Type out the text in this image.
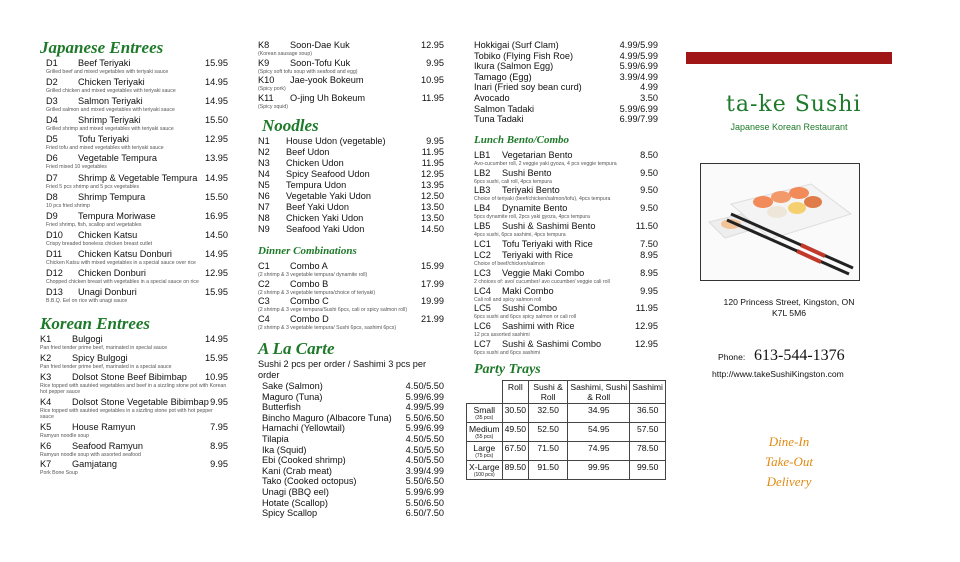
Japanese Entrees
D1	Beef Teriyaki	15.95
Grilled beef and mixed vegetables with teriyaki sauce
D2	Chicken Teriyaki	14.95
Grilled chicken and mixed vegetables with teriyaki sauce
D3	Salmon Teriyaki	14.95
Grilled salmon and mixed vegetables with teriyaki sauce
D4	Shrimp Teriyaki	15.50
Grilled shrimp and mixed vegetables with teriyaki sauce
D5	Tofu Teriyaki	12.95
Fried tofu and mixed vegetables with teriyaki sauce
D6	Vegetable Tempura	13.95
Fried mixed 10 vegetables
D7	Shrimp & Vegetable Tempura 14.95
Fried 5 pcs shrimp and 5 pcs vegetables
D8	Shrimp Tempura	15.50
10 pcs fried shrimp
D9	Tempura Moriwase	16.95
Fried shrimp, fish, scallop and vegetables
D10	Chicken Katsu	14.50
Crispy breaded boneless chicken breast cutlet
D11	Chicken Katsu Donburi	14.95
Chicken Katsu with mixed vegetables in a special sauce over rice
D12	Chicken Donburi	12.95
Chopped chicken breast with vegetables in a special sauce on rice
D13	Unagi Donburi	15.95
B.B.Q. Eel on rice with unagi sauce
Korean Entrees
K1	Bulgogi	14.95
Pan fried tender prime beef, marinated in special sauce
K2	Spicy Bulgogi	15.95
Pan fried tender prime beef, marinated in a special sauce
K3	Dolsot Stone Beef Bibimbap	10.95
Rice topped with sautéed vegetables and beef in a sizzling stone pot with Korean hot pepper sauce
K4	Dolsot Stone Vegetable Bibimbap 9.95
Rice topped with sautéed vegetables in a sizzling stone pot with hot pepper sauce
K5	House Ramyun	7.95
Ramyun noodle soup
K6	Seafood Ramyun	8.95
Ramyun noodle soup with assorted seafood
K7	Gamjatang	9.95
Pork Bone Soup
K8	Soon-Dae Kuk	12.95
(Korean sausage soup)
K9	Soon-Tofu Kuk	9.95
(Spicy soft tofu soup with seafood and egg)
K10	Jae-yook Bokeum	10.95
(Spicy pork)
K11	O-jing Uh Bokeum	11.95
(Spicy squid)
Noodles
N1	House Udon (vegetable)	9.95
N2	Beef Udon	11.95
N3	Chicken Udon	11.95
N4	Spicy Seafood Udon	12.95
N5	Tempura Udon	13.95
N6	Vegetable Yaki Udon	12.50
N7	Beef Yaki Udon	13.50
N8	Chicken Yaki Udon	13.50
N9	Seafood Yaki Udon	14.50
Dinner Combinations
C1	Combo A	15.99
(2 shrimp & 3 vegetable tempura/ dynamite roll)
C2	Combo B	17.99
(2 shrimp & 3 vegetable tempura/choice of teriyaki)
C3	Combo C	19.99
(2 shrimp & 3 vege tempura/Sushi 6pcs, cali or spicy salmon roll)
C4	Combo D	21.99
(2 shrimp & 3 vegetable tempura/ Sushi 6pcs, sashimi 6pcs)
A La Carte
Sushi 2 pcs per order / Sashimi 3 pcs per order
Sake (Salmon)	4.50/5.50
Maguro (Tuna)	5.99/6.99
Butterfish	4.99/5.99
Bincho Maguro (Albacore Tuna) 5.50/6.50
Hamachi (Yellowtail)	5.99/6.99
Tilapia	4.50/5.50
Ika (Squid)	4.50/5.50
Ebi (Cooked shrimp)	4.50/5.50
Kani (Crab meat)	3.99/4.99
Tako (Cooked octopus)	5.50/6.50
Unagi (BBQ eel)	5.99/6.99
Hotate (Scallop)	5.50/6.50
Spicy Scallop	6.50/7.50
Hokkigai (Surf Clam)	4.99/5.99
Tobiko (Flying Fish Roe)	4.99/5.99
Ikura (Salmon Egg)	5.99/6.99
Tamago (Egg)	3.99/4.99
Inari (Fried soy bean curd)	4.99
Avocado	3.50
Salmon Tadaki	5.99/6.99
Tuna Tadaki	6.99/7.99
Lunch Bento/Combo
LB1	Vegetarian Bento	8.50
Avo-cucumber roll, 2 veggie yaki gyoza, 4 pcs veggie tempura
LB2	Sushi Bento	9.50
6pcs sushi, cali roll, 4pcs tempura
LB3	Teriyaki Bento	9.50
Choice of teriyaki (beef/chicken/salmon/tofu), 4pcs tempura
LB4	Dynamite Bento	9.50
5pcs dynamite roll, 2pcs yaki gyoza, 4pcs tempura
LB5	Sushi & Sashimi Bento	11.50
4pcs sushi, 6pcs sashimi, 4pcs tempura
LC1	Tofu Teriyaki with Rice	7.50
LC2	Teriyaki with Rice	8.95
Choice of beef/chicken/salmon
LC3	Veggie Maki Combo	8.95
2 choices of: avo/ cucumber/ avo cucumber/ veggie cali roll
LC4	Maki Combo	9.95
Cali roll and spicy salmon roll
LC5	Sushi Combo	11.95
6pcs sushi and 6pcs spicy salmon or cali roll
LC6	Sashimi with Rice	12.95
12 pcs assorted sashimi
LC7	Sushi & Sashimi Combo	12.95
6pcs sushi and 6pcs sashimi
Party Trays
	Roll	Sushi & Roll	Sashimi, Sushi & Roll	Sashimi
Small
(35 pcs)	30.50	32.50	34.95	36.50
Medium
(55 pcs)	49.50	52.50	54.95	57.50
Large
(75 pcs)	67.50	71.50	74.95	78.50
X-Large
(100 pcs)	89.50	91.50	99.95	99.50
ta-ke Sushi
Japanese Korean Restaurant
120 Princess Street, Kingston, ON
K7L 5M6
Phone: 613-544-1376
http://www.takeSushiKingston.com
Dine-In
Take-Out
Delivery
